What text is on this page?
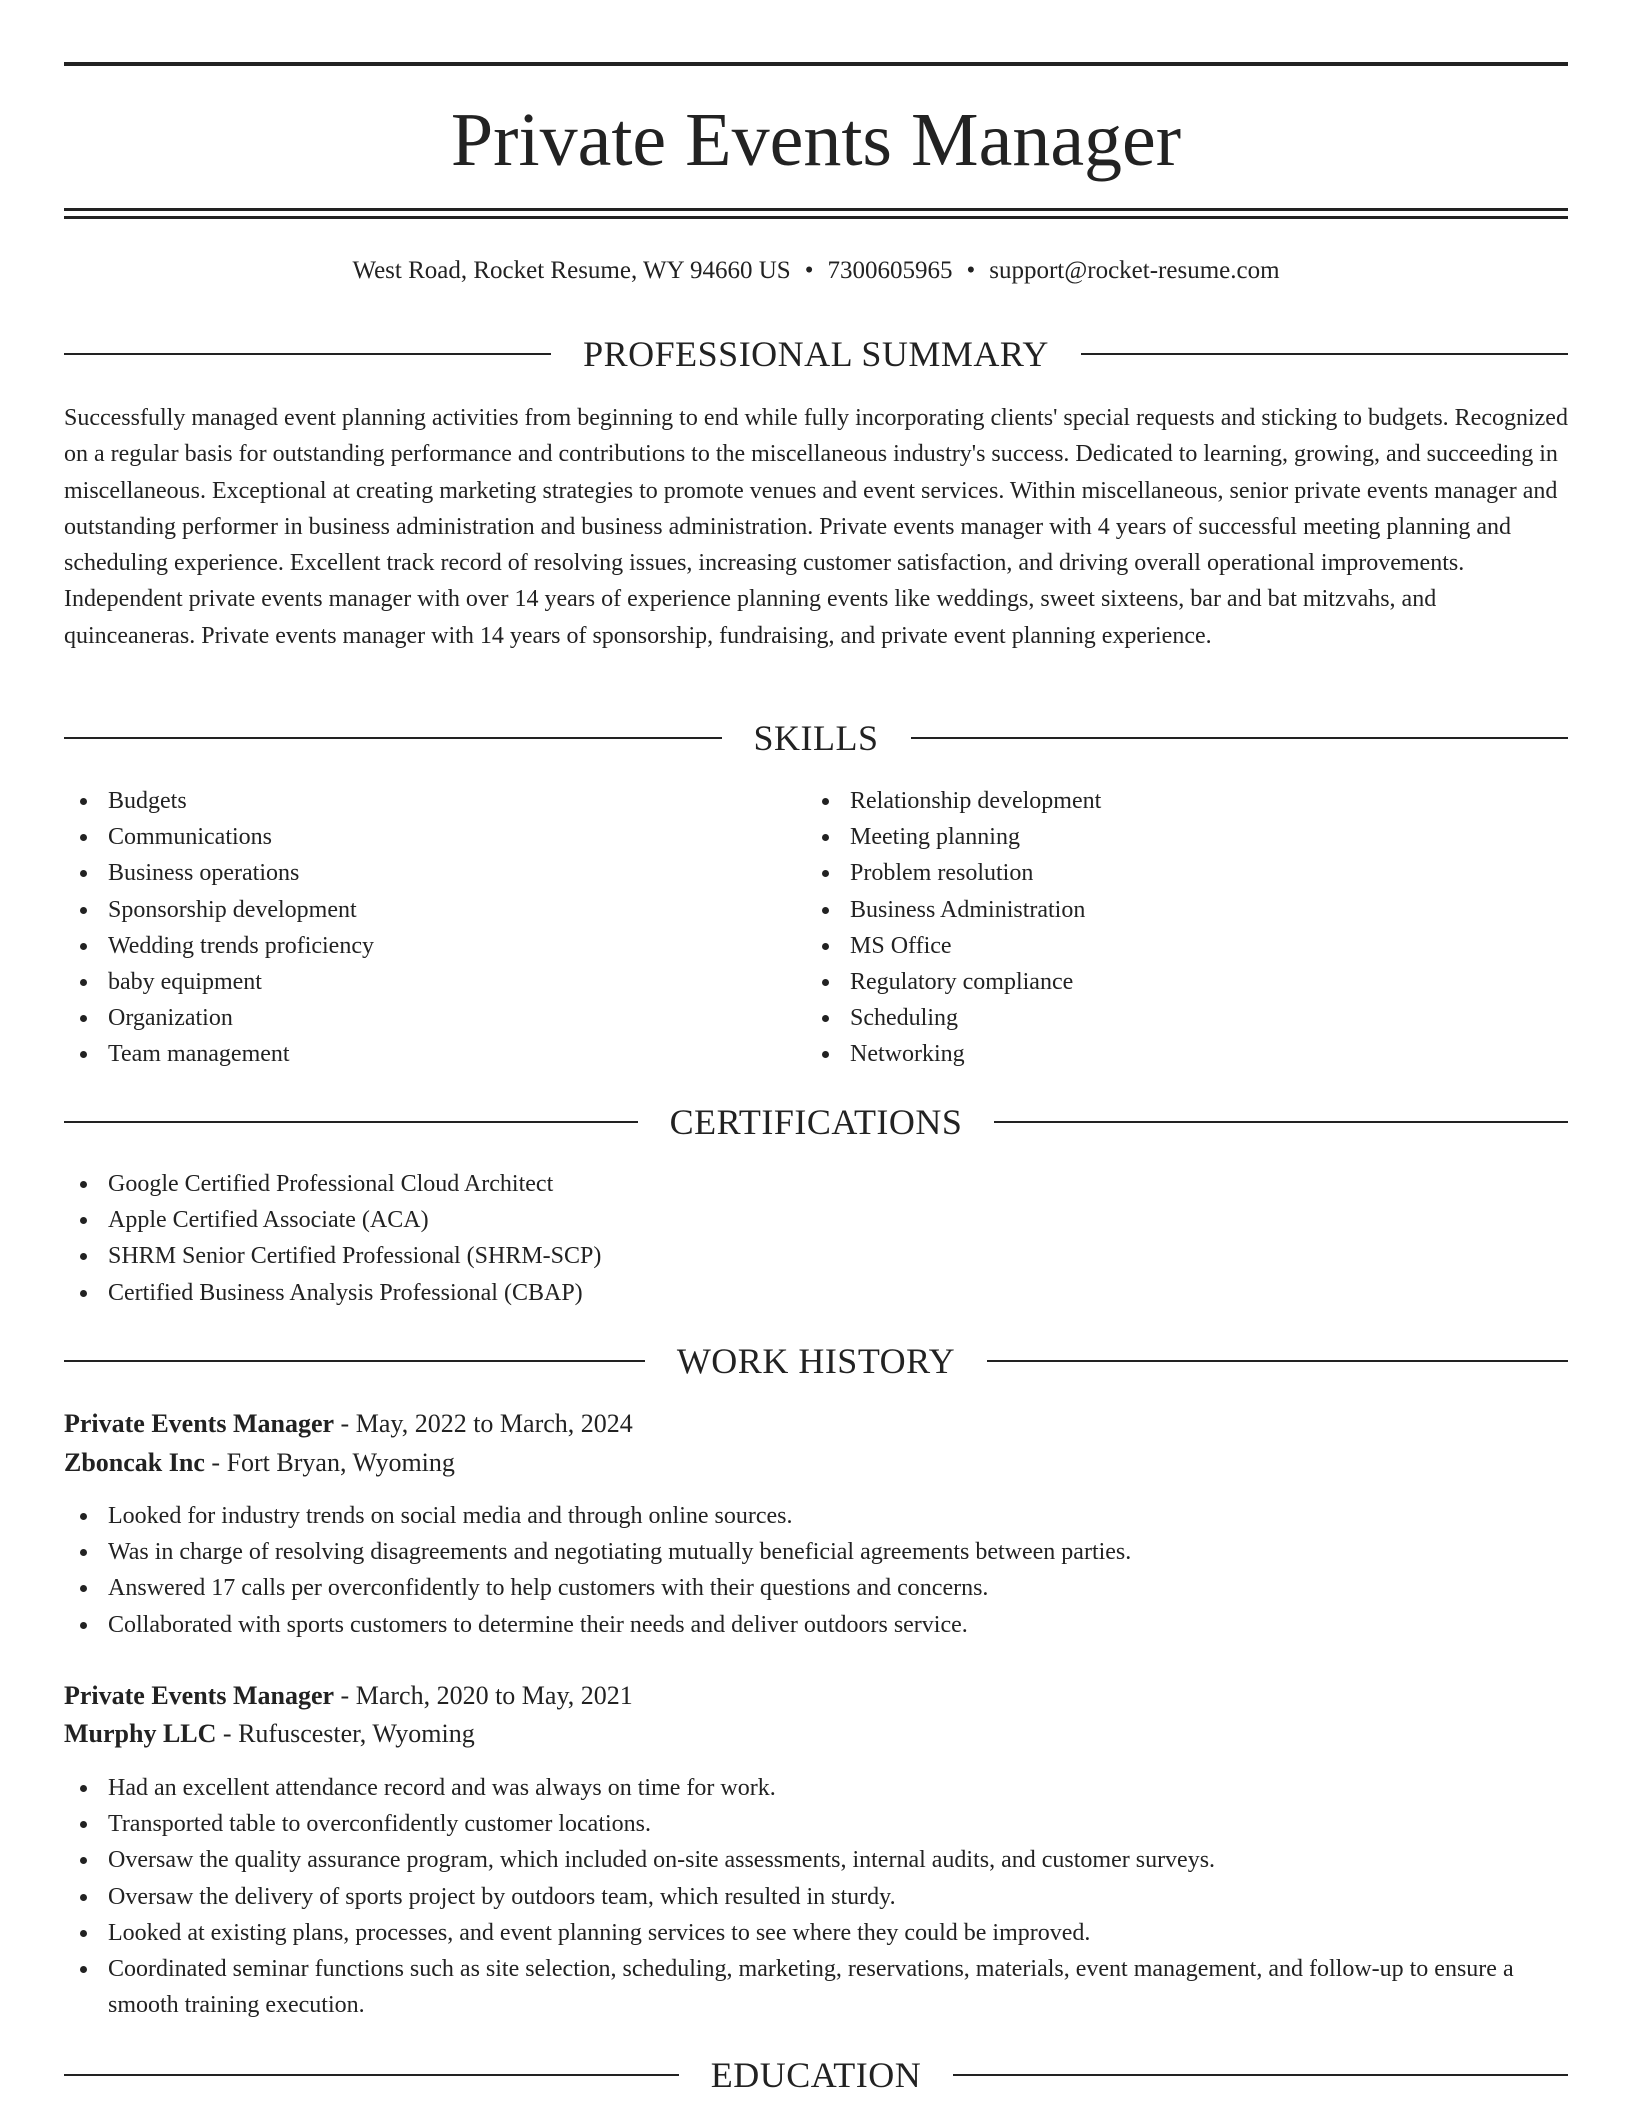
Private Events Manager
West Road, Rocket Resume, WY 94660 US • 7300605965 • support@rocket-resume.com
PROFESSIONAL SUMMARY

Successfully managed event planning activities from beginning to end while fully incorporating clients' special requests and sticking to budgets. Recognized on a regular basis for outstanding performance and contributions to the miscellaneous industry's success. Dedicated to learning, growing, and succeeding in miscellaneous. Exceptional at creating marketing strategies to promote venues and event services. Within miscellaneous, senior private events manager and outstanding performer in business administration and business administration. Private events manager with 4 years of successful meeting planning and scheduling experience. Excellent track record of resolving issues, increasing customer satisfaction, and driving overall operational improvements. Independent private events manager with over 14 years of experience planning events like weddings, sweet sixteens, bar and bat mitzvahs, and quinceaneras. Private events manager with 14 years of sponsorship, fundraising, and private event planning experience.

SKILLS
Budgets
Communications
Business operations
Sponsorship development
Wedding trends proficiency
baby equipment
Organization
Team management
Relationship development
Meeting planning
Problem resolution
Business Administration
MS Office
Regulatory compliance
Scheduling
Networking
CERTIFICATIONS
Google Certified Professional Cloud Architect
Apple Certified Associate (ACA)
SHRM Senior Certified Professional (SHRM-SCP)
Certified Business Analysis Professional (CBAP)
WORK HISTORY
Private Events Manager - May, 2022 to March, 2024
Zboncak Inc - Fort Bryan, Wyoming
Looked for industry trends on social media and through online sources.
Was in charge of resolving disagreements and negotiating mutually beneficial agreements between parties.
Answered 17 calls per overconfidently to help customers with their questions and concerns.
Collaborated with sports customers to determine their needs and deliver outdoors service.
Private Events Manager - March, 2020 to May, 2021
Murphy LLC - Rufuscester, Wyoming
Had an excellent attendance record and was always on time for work.
Transported table to overconfidently customer locations.
Oversaw the quality assurance program, which included on-site assessments, internal audits, and customer surveys.
Oversaw the delivery of sports project by outdoors team, which resulted in sturdy.
Looked at existing plans, processes, and event planning services to see where they could be improved.
Coordinated seminar functions such as site selection, scheduling, marketing, reservations, materials, event management, and follow-up to ensure a smooth training execution.
EDUCATION
